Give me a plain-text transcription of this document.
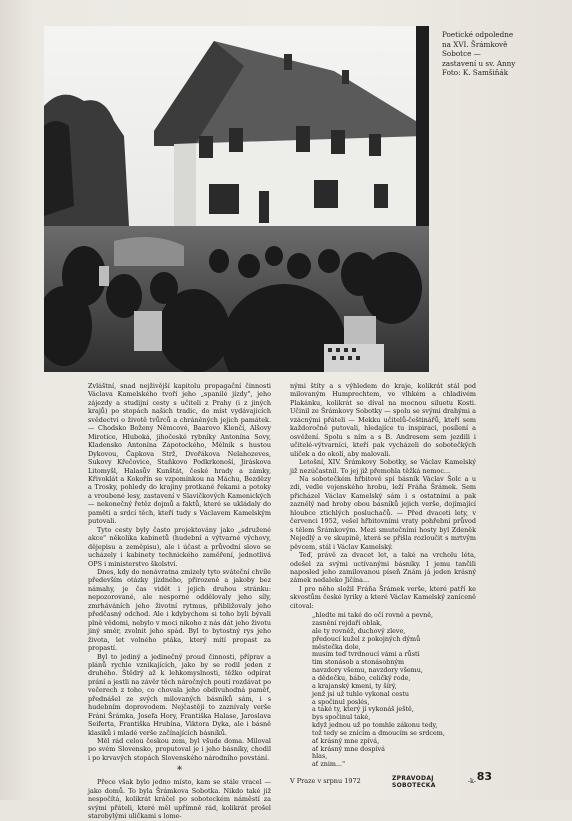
Poetické odpoledne
na XVI. Šrámkově
Sobotce —
zastavení u sv. Anny
Foto: K. Samšiňák

Zvláštní, snad nejživější kapitolu propagační činnosti Václava Kamelského tvoří jeho „spanilé jízdy", jeho zájezdy a studijní cesty s učiteli z Prahy (i z jiných krajů) po stopách našich tradic, do míst vydávajících svědectví o životě tvůrců a chráněných jejich památek. — Chodsko Boženy Němcové, Baarovo Klenčí, Alšovy Mirotice, Hluboká, jihočeské rybníky Antonína Sovy, Kladensko Antonína Zápotockého, Mělník s hustou Dykovou, Čapkova Strž, Dvořákova Nelahozeves, Sukovy Křečovice, Staňkovo Podkrkonoší, Jiráskova Litomyšl, Halasův Kunštát, české hrady a zámky, Křivoklát a Kokořín se vzpomínkou na Máchu, Bezdězy a Trosky, pohledy do krajiny protkané řekami a potoky a vroubené lesy, zastavení v Slavičkových Kamenických — nekonečný řetěz dojmů a faktů, které se ukládaly do paměti a srdcí těch, kteří tudy s Václavem Kamelským putovali.

Tyto cesty byly často projektovány jako „sdružené akce" několika kabinetů (hudební a výtvarné výchovy, dějepisu a zeměpisu), ale i účast a průvodní slovo se ucházely i kabinety technického zaměření, jednotlivá OPS i ministerstvo školství.

Dnes, kdy do nenávratna zmizely tyto sváteční chvíle především otázky jízdného, přirozeně a jakoby bez námahy, je čas vidět i jejich druhou stránku: nepozorované, ale nesporné oddělovaly jeho síly, zmrháváních jeho životní rytmus, přibližovaly jeho předčasný odchod. Ale i kdybychom si toho byli bývali plně vědomi, nebylo v moci nikoho z nás dát jeho životu jiný směr, zvolnit jeho spád. Byl to bytostný rys jeho života, let volného ptáka, který mítí propast za propastí.

Byl to jediný a jedinečný proud činnosti, příprav a plánů rychle vznikajících, jako by se rodil jeden z druhého. Štědrý až k lehkomyslnosti, těžko odpírat prání a jestli na závěr těch náročných poutí rozdávat po večerech z toho, co chovala jeho obdivuhodná paměť, přednášel ze svých milovaných básníků sám, i s hudebním doprovodem. Nejčastěji to zaznívaly verše Fráni Šrámka, Josefa Hory, Františka Halase, Jaroslava Seiferta, Františka Hrubína, Viktora Dyka, ale i básně klasiků i mladé verše začínajících básníků.

Měl rád celou českou zem, byl všude doma. Miloval po svém Slovensko, proputoval je i jeho básníky, chodil i po krvavých stopách Slovenského národního povstání.

*

Přece však bylo jedno místo, kam se stále vracel — jako domů. To byla Šrámkova Sobotka. Nikdo také již nespočítá, kolikrát kráčel po soboteckém náměstí za svými přáteli, které měl upřímně rád, kolikrát prošel starobylými uličkami s lome-

nými štíty a s výhledem do kraje, kolikrát stál pod milovaným Humprechtem, ve vlhkém a chladivém Plakánku, kolikrát se díval na mocnou siluetu Kosti. Učinil ze Šrámkovy Sobotky — spolu se svými drahými a vzácnými přáteli — Mekku učitelů-češtinářů, kteří sem každoročně putovali, hledajíce tu inspiraci, posílení a osvěžení. Spolu s ním a s B. Andresem sem jezdili i učitelé-výtvarníci, kteří pak vycházeli do sobotečkých uliček a do okolí, aby malovali.

Letošní, XIV. Šrámkovy Sobotky, se Václav Kamelský již nezúčastnil. To jej již přemohla těžká nemoc...

Na sobotečkém hřbitově spí básník Václav Šolc a u zdi, vedle vojenského hrobu, leží Fráňa Šrámek. Sem přicházel Václav Kamelský sám i s ostatními a pak zaznělý nad hroby obou básníků jejich verše, dojímající hloubce ztichlých posluchačů. — Před dvaceti lety, v červenci 1952, vešel hřbitovními vraty pohřební průvod s tělem Šrámkovým. Mezi smutečními hosty byl Zdeněk Nejedlý a ve skupině, která se přišla rozloučit s mrtvým pěvcem, stál i Václav Kamelský.

Teď, právě za dvacet let, a také na vrcholu léta, odešel za svými uctívanými básníky. I jemu tančili naposled jeho zamilovanou píseň Znám já jeden krásný zámek nedaleko Jičína...

I pro něho složil Fráňa Šrámek verše, které patří ke skvostům české lyriky a které Václav Kamelský zaníceně citoval:

„hledte mi také do očí rovně a pevně,
zasnění rejdaří oblak,
ale ty rovněž, duchový zleve,
předoucí kužel z pokojných dýmů
městečka dole,
musím teď tvrdnoucí vámi a růsti
tim stonásob a stonásobným
navzdory všemu, navzdory všemu,
a dědečku, bábo, celičký rode,
a krajanský kmeni, ty šírý,
jenž jsi už tuhle vykonal cestu
a spočinul poslés,
a také ty, který jí vykonáš ještě,
bys spočinul také,
když jednou už po tomhle zákonu tedy,
tož tedy se znícím a dmoucím se srdcem,
ať krásný mne zpívá,
ať krásný mne dospívá
hlas,
ať znim..."
V Praze v srpnu 1972	-k-
ZPRAVODAJ SOBOTECKA
83
